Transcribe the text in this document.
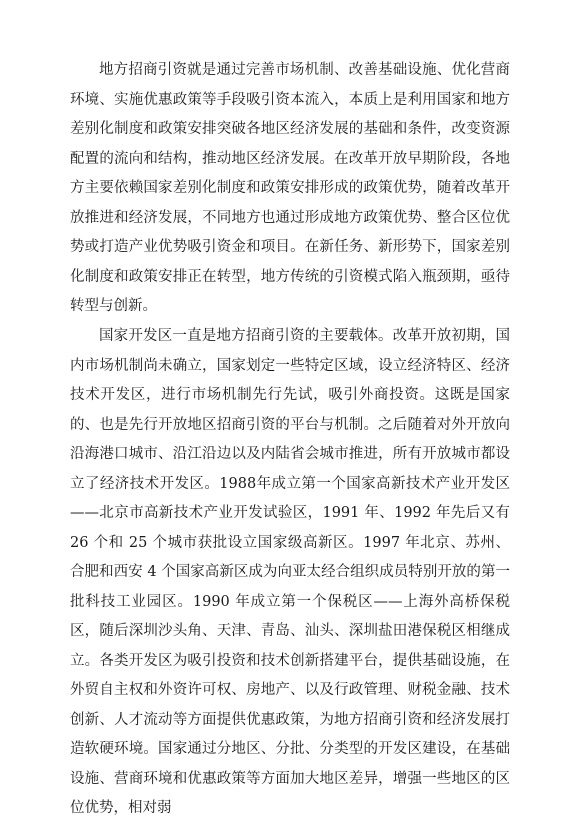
地方招商引资就是通过完善市场机制、改善基础设施、优化营商环境、实施优惠政策等手段吸引资本流入，本质上是利用国家和地方差别化制度和政策安排突破各地区经济发展的基础和条件，改变资源配置的流向和结构，推动地区经济发展。在改革开放早期阶段，各地方主要依赖国家差别化制度和政策安排形成的政策优势，随着改革开放推进和经济发展，不同地方也通过形成地方政策优势、整合区位优势或打造产业优势吸引资金和项目。在新任务、新形势下，国家差别化制度和政策安排正在转型，地方传统的引资模式陷入瓶颈期，亟待转型与创新。

国家开发区一直是地方招商引资的主要载体。改革开放初期，国内市场机制尚未确立，国家划定一些特定区域，设立经济特区、经济技术开发区，进行市场机制先行先试，吸引外商投资。这既是国家的、也是先行开放地区招商引资的平台与机制。之后随着对外开放向沿海港口城市、沿江沿边以及内陆省会城市推进，所有开放城市都设立了经济技术开发区。1988年成立第一个国家高新技术产业开发区——北京市高新技术产业开发试验区，1991 年、1992 年先后又有 26 个和 25 个城市获批设立国家级高新区。1997 年北京、苏州、合肥和西安 4 个国家高新区成为向亚太经合组织成员特别开放的第一批科技工业园区。1990 年成立第一个保税区——上海外高桥保税区，随后深圳沙头角、天津、青岛、汕头、深圳盐田港保税区相继成立。各类开发区为吸引投资和技术创新搭建平台，提供基础设施，在外贸自主权和外资许可权、房地产、以及行政管理、财税金融、技术创新、人才流动等方面提供优惠政策，为地方招商引资和经济发展打造软硬环境。国家通过分地区、分批、分类型的开发区建设，在基础设施、营商环境和优惠政策等方面加大地区差异，增强一些地区的区位优势，相对弱
